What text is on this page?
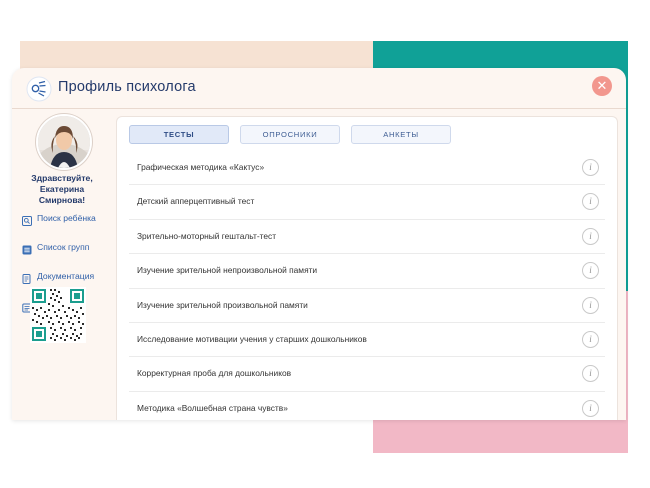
Профиль психолога	✕
Здравствуйте,
Екатерина
Смирнова!
Поиск ребёнка
Список групп
Документация
ТЕСТЫ	ОПРОСНИКИ	АНКЕТЫ
Графическая методика «Кактус»	i
Детский апперцептивный тест	i
Зрительно-моторный гештальт-тест	i
Изучение зрительной непроизвольной памяти	i
Изучение зрительной произвольной памяти	i
Исследование мотивации учения у старших дошкольников	i
Корректурная проба для дошкольников	i
Методика «Волшебная страна чувств»	i
